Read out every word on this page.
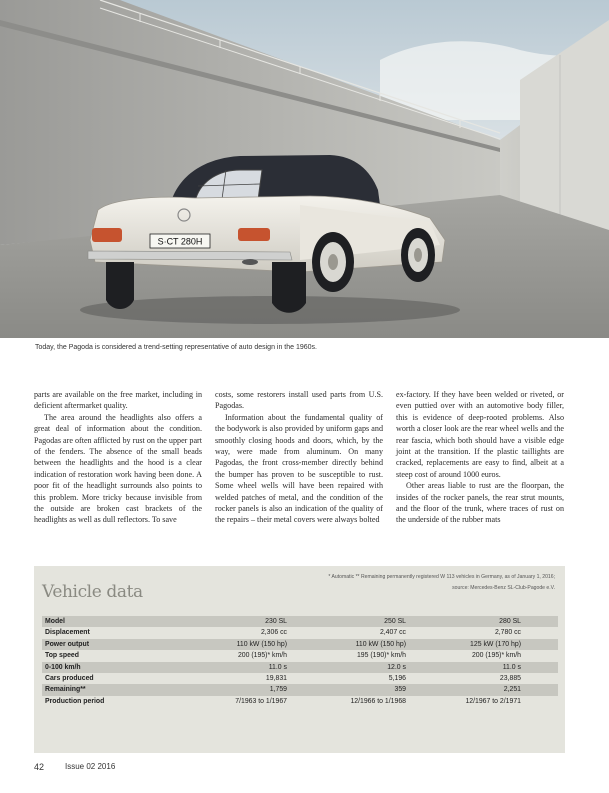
S·CT 280H
Today, the Pagoda is considered a trend-setting representative of auto design in the 1960s.

parts are available on the free market, including in deficient aftermarket quality.

The area around the headlights also offers a great deal of information about the condition. Pagodas are often afflicted by rust on the upper part of the fenders. The absence of the small beads between the headlights and the hood is a clear indication of restoration work having been done. A poor fit of the headlight surrounds also points to this problem. More tricky because invisible from the outside are broken cast brackets of the headlights as well as dull reflectors. To save

costs, some restorers install used parts from U.S. Pagodas.

Information about the fundamental quality of the bodywork is also provided by uniform gaps and smoothly closing hoods and doors, which, by the way, were made from aluminum. On many Pagodas, the front cross-member directly behind the bumper has proven to be susceptible to rust. Some wheel wells will have been repaired with welded patches of metal, and the condition of the rocker panels is also an indication of the quality of the repairs – their metal covers were always bolted

ex-factory. If they have been welded or riveted, or even puttied over with an automotive body filler, this is evidence of deep-rooted problems. Also worth a closer look are the rear wheel wells and the rear fascia, which both should have a visible edge joint at the transition. If the plastic taillights are cracked, replacements are easy to find, albeit at a steep cost of around 1000 euros.

Other areas liable to rust are the floorpan, the insides of the rocker panels, the rear strut mounts, and the floor of the trunk, where traces of rust on the underside of the rubber mats

Vehicle data
* Automatic ** Remaining permanently registered W 113 vehicles in Germany, as of January 1, 2016;
source: Mercedes-Benz SL-Club-Pagode e.V.
Model	230 SL	250 SL	280 SL
Displacement	2,306 cc	2,407 cc	2,780 cc
Power output	110 kW (150 hp)	110 kW (150 hp)	125 kW (170 hp)
Top speed	200 (195)* km/h	195 (190)* km/h	200 (195)* km/h
0-100 km/h	11.0 s	12.0 s	11.0 s
Cars produced	19,831	5,196	23,885
Remaining**	1,759	359	2,251
Production period	7/1963 to 1/1967	12/1966 to 1/1968	12/1967 to 2/1971
42	Issue 02 2016
